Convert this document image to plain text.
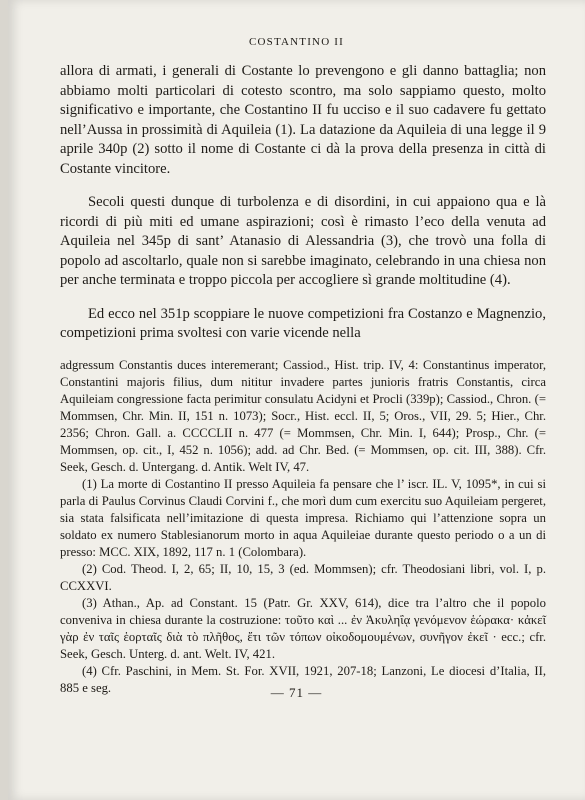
COSTANTINO II

allora di armati, i generali di Costante lo prevengono e gli danno battaglia; non abbiamo molti particolari di cotesto scontro, ma solo sappiamo questo, molto significativo e importante, che Costantino II fu ucciso e il suo cadavere fu gettato nell’Aussa in prossimità di Aquileia (1). La datazione da Aquileia di una legge il 9 aprile 340p (2) sotto il nome di Costante ci dà la prova della presenza in città di Costante vincitore.

Secoli questi dunque di turbolenza e di disordini, in cui appaiono qua e là ricordi di più miti ed umane aspirazioni; così è rimasto l’eco della venuta ad Aquileia nel 345p di sant’ Atanasio di Alessandria (3), che trovò una folla di popolo ad ascoltarlo, quale non si sarebbe imaginato, celebrando in una chiesa non per anche terminata e troppo piccola per accogliere sì grande moltitudine (4).

Ed ecco nel 351p scoppiare le nuove competizioni fra Costanzo e Magnenzio, competizioni prima svoltesi con varie vicende nella

adgressum Constantis duces interemerant; Cassiod., Hist. trip. IV, 4: Constantinus imperator, Constantini majoris filius, dum nititur invadere partes junioris fratris Constantis, circa Aquileiam congressione facta perimitur consulatu Acidyni et Procli (339p); Cassiod., Chron. (= Mommsen, Chr. Min. II, 151 n. 1073); Socr., Hist. eccl. II, 5; Oros., VII, 29. 5; Hier., Chr. 2356; Chron. Gall. a. CCCCLII n. 477 (= Mommsen, Chr. Min. I, 644); Prosp., Chr. (= Mommsen, op. cit., I, 452 n. 1056); add. ad Chr. Bed. (= Mommsen, op. cit. III, 388). Cfr. Seek, Gesch. d. Untergang. d. Antik. Welt IV, 47.

(1) La morte di Costantino II presso Aquileia fa pensare che l’ iscr. IL. V, 1095*, in cui si parla di Paulus Corvinus Claudi Corvini f., che morì dum cum exercitu suo Aquileiam pergeret, sia stata falsificata nell’imitazione di questa impresa. Richiamo qui l’attenzione sopra un soldato ex numero Stablesianorum morto in aqua Aquileiae durante questo periodo o a un di presso: MCC. XIX, 1892, 117 n. 1 (Colombara).

(2) Cod. Theod. I, 2, 65; II, 10, 15, 3 (ed. Mommsen); cfr. Theodosiani libri, vol. I, p. CCXXVI.

(3) Athan., Ap. ad Constant. 15 (Patr. Gr. XXV, 614), dice tra l’altro che il popolo conveniva in chiesa durante la costruzione: τοῦτο καὶ ... ἐν Ἀκυληΐᾳ γενόμενον ἑώρακα· κἀκεῖ γὰρ ἐν ταῖς ἑορταῖς διὰ τὸ πλῆθος, ἔτι τῶν τόπων οἰκοδομουμένων, συνῆγον ἐκεῖ · ecc.; cfr. Seek, Gesch. Unterg. d. ant. Welt. IV, 421.

(4) Cfr. Paschini, in Mem. St. For. XVII, 1921, 207-18; Lanzoni, Le diocesi d’Italia, II, 885 e seg.	— 71 —
